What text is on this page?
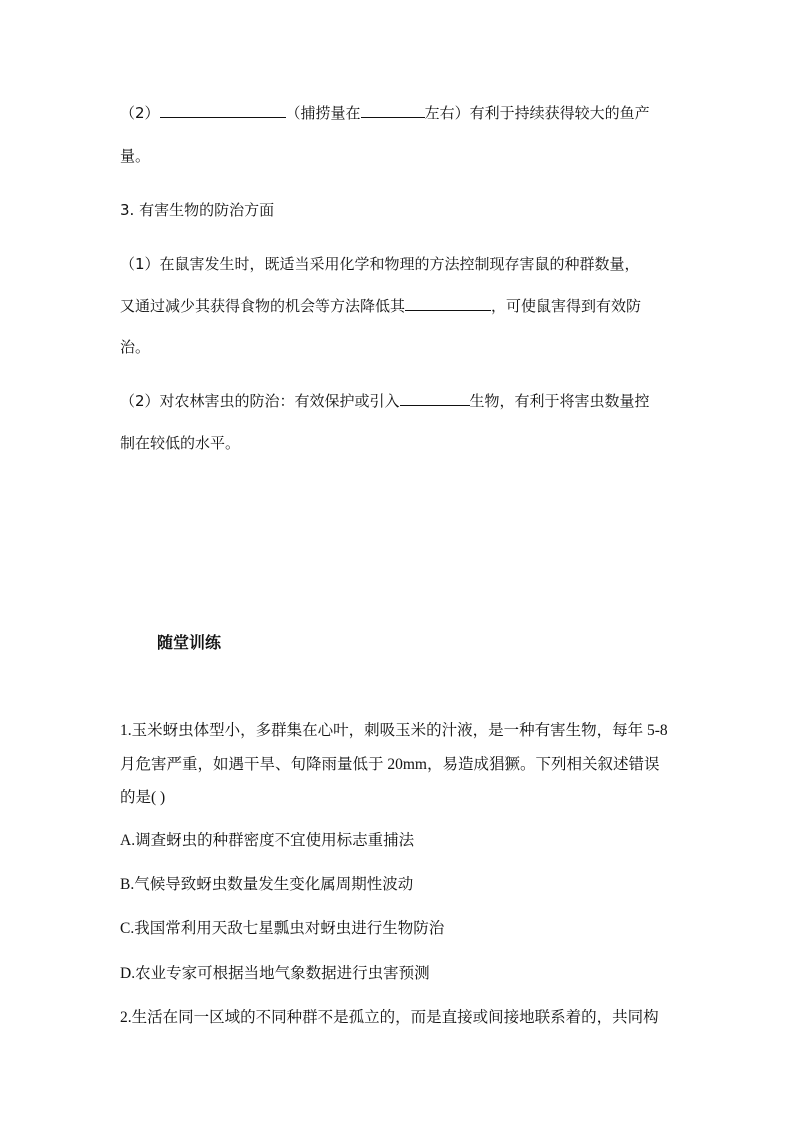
（2）	（捕捞量在	左右）有利于持续获得较大的鱼产
量。
3. 有害生物的防治方面
（1）在鼠害发生时，既适当采用化学和物理的方法控制现存害鼠的种群数量，
又通过减少其获得食物的机会等方法降低其	，可使鼠害得到有效防
治。
（2）对农林害虫的防治：有效保护或引入	生物，有利于将害虫数量控
制在较低的水平。
随堂训练
1.玉米蚜虫体型小，多群集在心叶，刺吸玉米的汁液，是一种有害生物，每年 5-8
月危害严重，如遇干旱、旬降雨量低于 20mm，易造成猖獗。下列相关叙述错误
的是( )
A.调查蚜虫的种群密度不宜使用标志重捕法
B.气候导致蚜虫数量发生变化属周期性波动
C.我国常利用天敌七星瓢虫对蚜虫进行生物防治
D.农业专家可根据当地气象数据进行虫害预测
2.生活在同一区域的不同种群不是孤立的，而是直接或间接地联系着的，共同构
